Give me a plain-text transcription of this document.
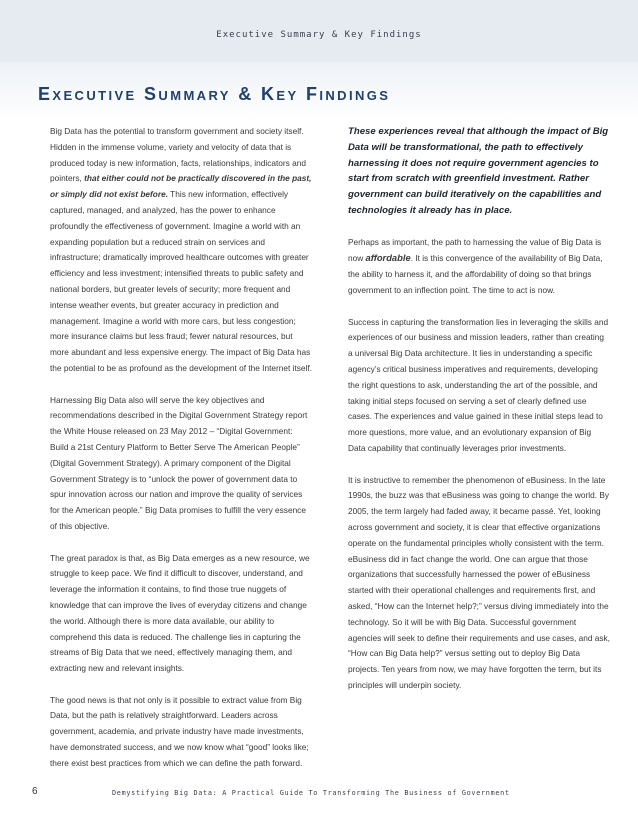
Executive Summary & Key Findings
Executive Summary & Key Findings

Big Data has the potential to transform government and society itself. Hidden in the immense volume, variety and velocity of data that is produced today is new information, facts, relationships, indicators and pointers, that either could not be practically discovered in the past, or simply did not exist before. This new information, effectively captured, managed, and analyzed, has the power to enhance profoundly the effectiveness of government. Imagine a world with an expanding population but a reduced strain on services and infrastructure; dramatically improved healthcare outcomes with greater efficiency and less investment; intensified threats to public safety and national borders, but greater levels of security; more frequent and intense weather events, but greater accuracy in prediction and management. Imagine a world with more cars, but less congestion; more insurance claims but less fraud; fewer natural resources, but more abundant and less expensive energy. The impact of Big Data has the potential to be as profound as the development of the Internet itself.

Harnessing Big Data also will serve the key objectives and recommendations described in the Digital Government Strategy report the White House released on 23 May 2012 – “Digital Government: Build a 21st Century Platform to Better Serve The American People” (Digital Government Strategy). A primary component of the Digital Government Strategy is to “unlock the power of government data to spur innovation across our nation and improve the quality of services for the American people.” Big Data promises to fulfill the very essence of this objective.

The great paradox is that, as Big Data emerges as a new resource, we struggle to keep pace. We find it difficult to discover, understand, and leverage the information it contains, to find those true nuggets of knowledge that can improve the lives of everyday citizens and change the world. Although there is more data available, our ability to comprehend this data is reduced. The challenge lies in capturing the streams of Big Data that we need, effectively managing them, and extracting new and relevant insights.

The good news is that not only is it possible to extract value from Big Data, but the path is relatively straightforward. Leaders across government, academia, and private industry have made investments, have demonstrated success, and we now know what “good” looks like; there exist best practices from which we can define the path forward.

These experiences reveal that although the impact of Big Data will be transformational, the path to effectively harnessing it does not require government agencies to start from scratch with greenfield investment. Rather government can build iteratively on the capabilities and technologies it already has in place.

Perhaps as important, the path to harnessing the value of Big Data is now affordable. It is this convergence of the availability of Big Data, the ability to harness it, and the affordability of doing so that brings government to an inflection point. The time to act is now.

Success in capturing the transformation lies in leveraging the skills and experiences of our business and mission leaders, rather than creating a universal Big Data architecture. It lies in understanding a specific agency’s critical business imperatives and requirements, developing the right questions to ask, understanding the art of the possible, and taking initial steps focused on serving a set of clearly defined use cases. The experiences and value gained in these initial steps lead to more questions, more value, and an evolutionary expansion of Big Data capability that continually leverages prior investments.

It is instructive to remember the phenomenon of eBusiness. In the late 1990s, the buzz was that eBusiness was going to change the world. By 2005, the term largely had faded away, it became passé. Yet, looking across government and society, it is clear that effective organizations operate on the fundamental principles wholly consistent with the term. eBusiness did in fact change the world. One can argue that those organizations that successfully harnessed the power of eBusiness started with their operational challenges and requirements first, and asked, “How can the Internet help?;” versus diving immediately into the technology. So it will be with Big Data. Successful government agencies will seek to define their requirements and use cases, and ask, “How can Big Data help?” versus setting out to deploy Big Data projects. Ten years from now, we may have forgotten the term, but its principles will underpin society.

6	Demystifying Big Data: A Practical Guide To Transforming The Business of Government
